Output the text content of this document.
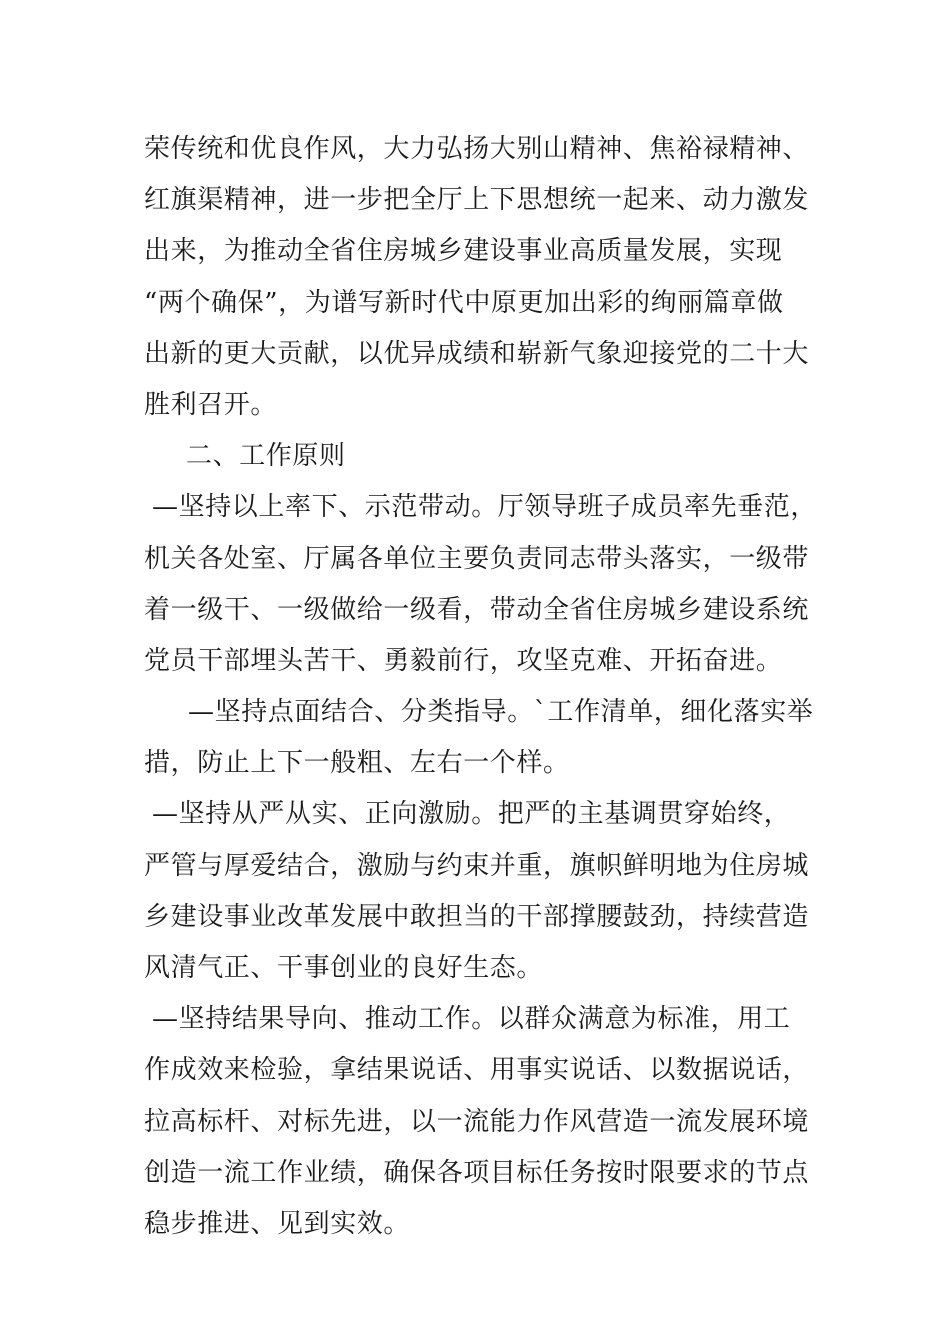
荣传统和优良作风，大力弘扬大别山精神、焦裕禄精神、
红旗渠精神，进一步把全厅上下思想统一起来、动力激发
出来，为推动全省住房城乡建设事业高质量发展，实现
“两个确保”，为谱写新时代中原更加出彩的绚丽篇章做
出新的更大贡献，以优异成绩和崭新气象迎接党的二十大
胜利召开。
二、工作原则
—坚持以上率下、示范带动。厅领导班子成员率先垂范，
机关各处室、厅属各单位主要负责同志带头落实，一级带
着一级干、一级做给一级看，带动全省住房城乡建设系统
党员干部埋头苦干、勇毅前行，攻坚克难、开拓奋进。
—坚持点面结合、分类指导。`工作清单，细化落实举
措，防止上下一般粗、左右一个样。
—坚持从严从实、正向激励。把严的主基调贯穿始终，
严管与厚爱结合，激励与约束并重，旗帜鲜明地为住房城
乡建设事业改革发展中敢担当的干部撑腰鼓劲，持续营造
风清气正、干事创业的良好生态。
—坚持结果导向、推动工作。以群众满意为标准，用工
作成效来检验，拿结果说话、用事实说话、以数据说话，
拉高标杆、对标先进，以一流能力作风营造一流发展环境
创造一流工作业绩，确保各项目标任务按时限要求的节点
稳步推进、见到实效。
